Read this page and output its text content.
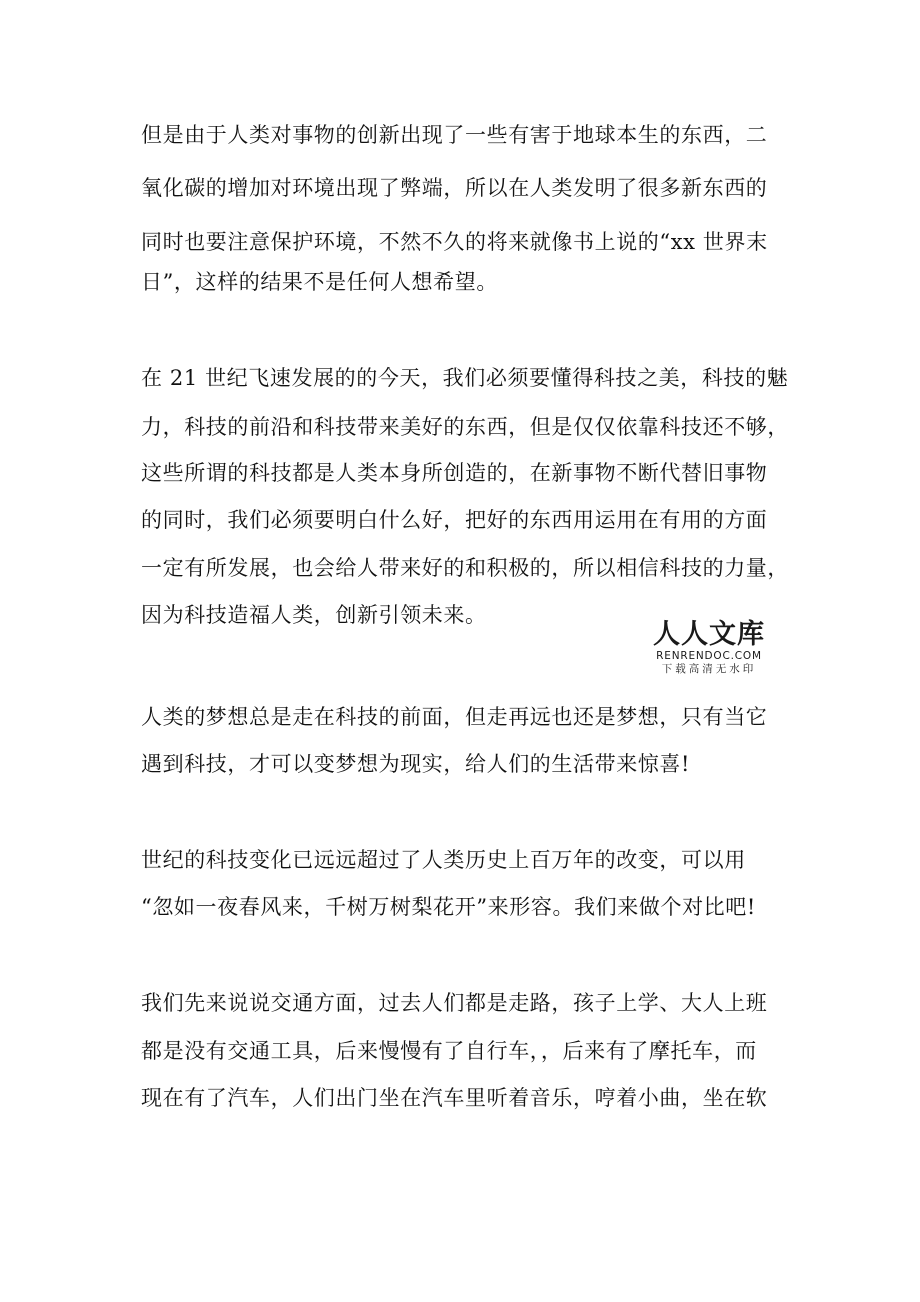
但是由于人类对事物的创新出现了一些有害于地球本生的东西，二
氧化碳的增加对环境出现了弊端，所以在人类发明了很多新东西的
同时也要注意保护环境，不然不久的将来就像书上说的“xx 世界末
日”，这样的结果不是任何人想希望。
在 21 世纪飞速发展的的今天，我们必须要懂得科技之美，科技的魅
力，科技的前沿和科技带来美好的东西，但是仅仅依靠科技还不够，
这些所谓的科技都是人类本身所创造的，在新事物不断代替旧事物
的同时，我们必须要明白什么好，把好的东西用运用在有用的方面
一定有所发展，也会给人带来好的和积极的，所以相信科技的力量，
因为科技造福人类，创新引领未来。
人人文库
RENRENDOC.COM
下载高清无水印
人类的梦想总是走在科技的前面，但走再远也还是梦想，只有当它
遇到科技，才可以变梦想为现实，给人们的生活带来惊喜!
世纪的科技变化已远远超过了人类历史上百万年的改变，可以用
“忽如一夜春风来，千树万树梨花开”来形容。我们来做个对比吧!
我们先来说说交通方面，过去人们都是走路，孩子上学、大人上班
都是没有交通工具，后来慢慢有了自行车，，后来有了摩托车，而
现在有了汽车，人们出门坐在汽车里听着音乐，哼着小曲，坐在软
